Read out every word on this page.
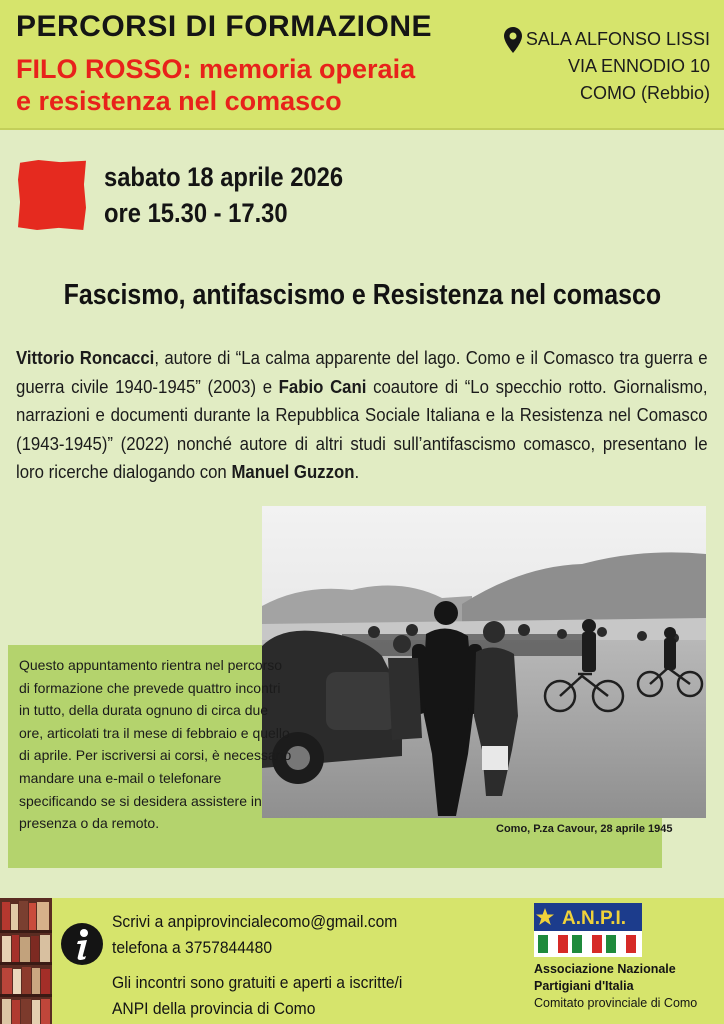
PERCORSI DI FORMAZIONE
FILO ROSSO: memoria operaia
e resistenza nel comasco
SALA ALFONSO LISSI
VIA ENNODIO 10
COMO (Rebbio)
sabato 18 aprile 2026
ore 15.30 - 17.30
Fascismo, antifascismo e Resistenza nel comasco
Vittorio Roncacci, autore di “La calma apparente del lago. Como e il Comasco tra guerra e guerra civile 1940-1945” (2003) e Fabio Cani coautore di “Lo specchio rotto. Giornalismo, narrazioni e documenti durante la Repubblica Sociale Italiana e la Resistenza nel Comasco (1943-1945)” (2022) nonché autore di altri studi sull’antifascismo comasco, presentano le loro ricerche dialogando con Manuel Guzzon.
Como, P.za Cavour, 28 aprile 1945
Questo appuntamento rientra nel percorso di formazione che prevede quattro incontri in tutto, della durata ognuno di circa due ore, articolati tra il mese di febbraio e quello di aprile. Per iscriversi ai corsi, è necessario mandare una e-mail o telefonare specificando se si desidera assistere in presenza o da remoto.
Scrivi a anpiprovincialecomo@gmail.com
telefona a 3757844480
Gli incontri sono gratuiti e aperti a iscritte/i
ANPI della provincia di Como
A.N.P.I.
Associazione Nazionale
Partigiani d'Italia
Comitato provinciale di Como
